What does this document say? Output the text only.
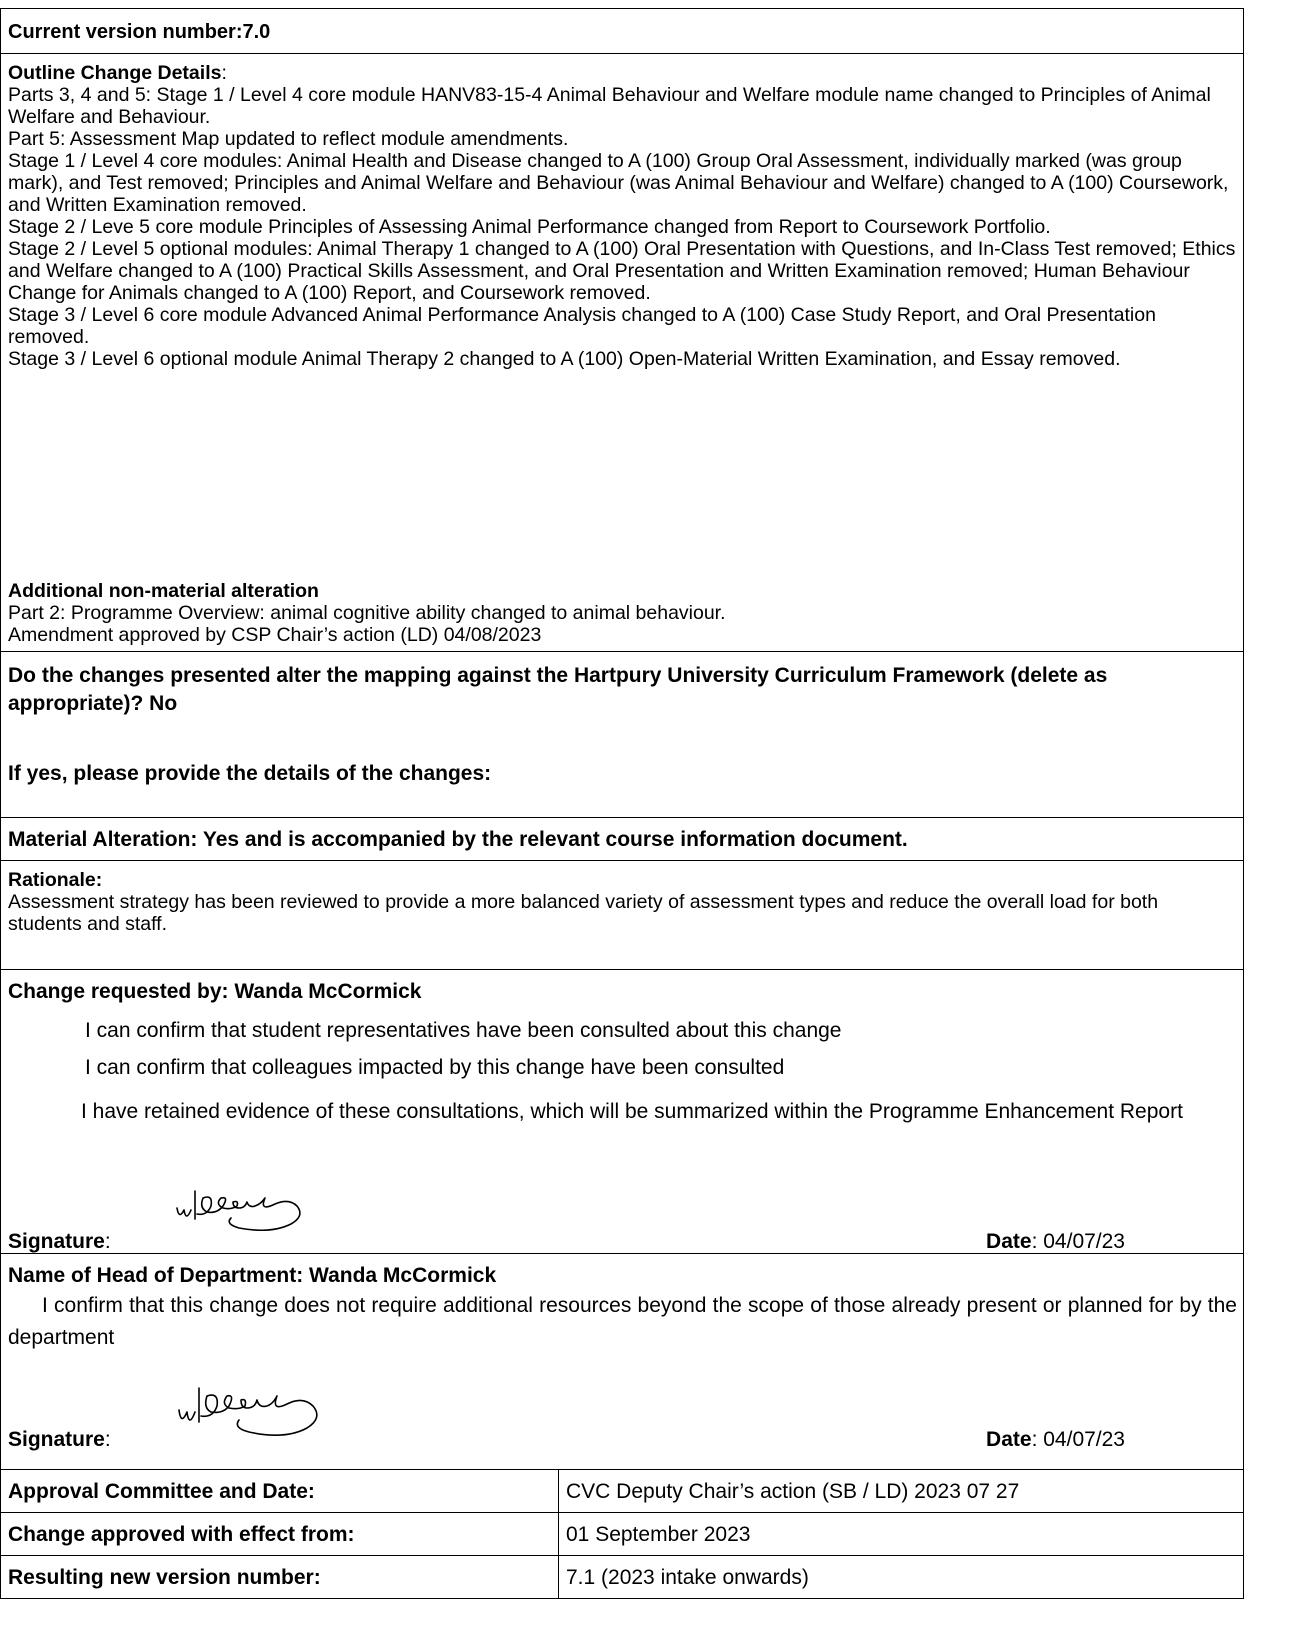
Current version number:7.0

Outline Change Details:

Parts 3, 4 and 5: Stage 1 / Level 4 core module HANV83-15-4 Animal Behaviour and Welfare module name changed to Principles of Animal Welfare and Behaviour.

Part 5: Assessment Map updated to reflect module amendments.

Stage 1 / Level 4 core modules: Animal Health and Disease changed to A (100) Group Oral Assessment, individually marked (was group mark), and Test removed; Principles and Animal Welfare and Behaviour (was Animal Behaviour and Welfare) changed to A (100) Coursework, and Written Examination removed.

Stage 2 / Leve 5 core module Principles of Assessing Animal Performance changed from Report to Coursework Portfolio.

Stage 2 / Level 5 optional modules: Animal Therapy 1 changed to A (100) Oral Presentation with Questions, and In-Class Test removed; Ethics and Welfare changed to A (100) Practical Skills Assessment, and Oral Presentation and Written Examination removed; Human Behaviour Change for Animals changed to A (100) Report, and Coursework removed.

Stage 3 / Level 6 core module Advanced Animal Performance Analysis changed to A (100) Case Study Report, and Oral Presentation removed.

Stage 3 / Level 6 optional module Animal Therapy 2 changed to A (100) Open-Material Written Examination, and Essay removed.

Additional non-material alteration

Part 2: Programme Overview: animal cognitive ability changed to animal behaviour.

Amendment approved by CSP Chair’s action (LD) 04/08/2023

Do the changes presented alter the mapping against the Hartpury University Curriculum Framework (delete as appropriate)? No
If yes, please provide the details of the changes:
Material Alteration: Yes and is accompanied by the relevant course information document.

Rationale:

Assessment strategy has been reviewed to provide a more balanced variety of assessment types and reduce the overall load for both students and staff.

Change requested by: Wanda McCormick
I can confirm that student representatives have been consulted about this change
I can confirm that colleagues impacted by this change have been consulted
I have retained evidence of these consultations, which will be summarized within the Programme Enhancement Report
Signature:	Date: 04/07/23
Name of Head of Department: Wanda McCormick
I confirm that this change does not require additional resources beyond the scope of those already present or planned for by the department
Signature:	Date: 04/07/23
Approval Committee and Date:	CVC Deputy Chair’s action (SB / LD) 2023 07 27
Change approved with effect from:	01 September 2023
Resulting new version number:	7.1 (2023 intake onwards)
